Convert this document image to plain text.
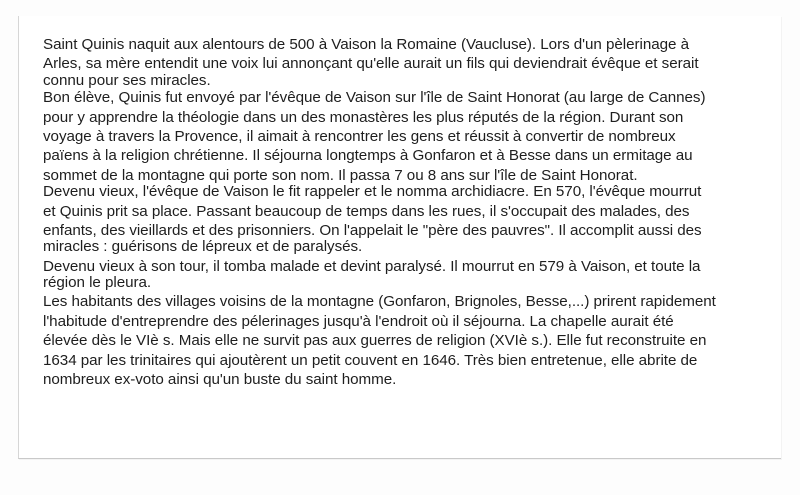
Saint Quinis naquit aux alentours de 500 à Vaison la Romaine (Vaucluse). Lors d'un pèlerinage à
Arles, sa mère entendit une voix lui annonçant qu'elle aurait un fils qui deviendrait évêque et serait
connu pour ses miracles.
Bon élève, Quinis fut envoyé par l'évêque de Vaison sur l'île de Saint Honorat (au large de Cannes)
pour y apprendre la théologie dans un des monastères les plus réputés de la région. Durant son
voyage à travers la Provence, il aimait à rencontrer les gens et réussit à convertir de nombreux
païens à la religion chrétienne. Il séjourna longtemps à Gonfaron et à Besse dans un ermitage au
sommet de la montagne qui porte son nom. Il passa 7 ou 8 ans sur l'île de Saint Honorat.
Devenu vieux, l'évêque de Vaison le fit rappeler et le nomma archidiacre. En 570, l'évêque mourrut
et Quinis prit sa place. Passant beaucoup de temps dans les rues, il s'occupait des malades, des
enfants, des vieillards et des prisonniers. On l'appelait le "père des pauvres". Il accomplit aussi des
miracles : guérisons de lépreux et de paralysés.
Devenu vieux à son tour, il tomba malade et devint paralysé. Il mourrut en 579 à Vaison, et toute la
région le pleura.
Les habitants des villages voisins de la montagne (Gonfaron, Brignoles, Besse,...) prirent rapidement
l'habitude d'entreprendre des pélerinages jusqu'à l'endroit où il séjourna. La chapelle aurait été
élevée dès le VIè s. Mais elle ne survit pas aux guerres de religion (XVIè s.). Elle fut reconstruite en
1634 par les trinitaires qui ajoutèrent un petit couvent en 1646. Très bien entretenue, elle abrite de
nombreux ex-voto ainsi qu'un buste du saint homme.
